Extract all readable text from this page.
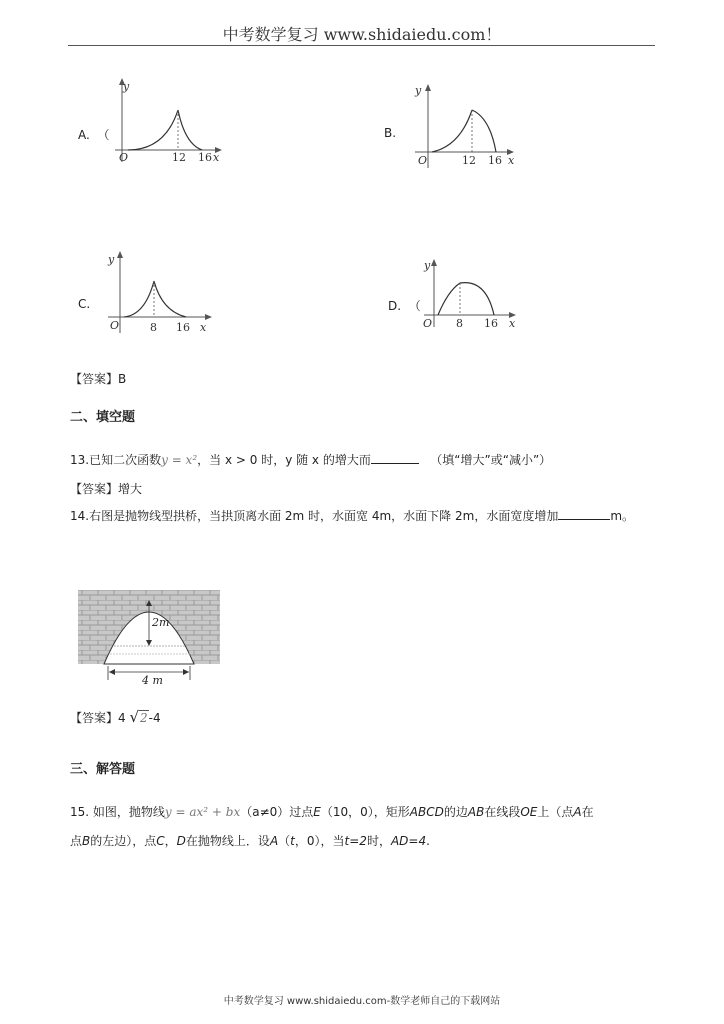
中考数学复习 www.shidaiedu.com！
A. （
y
O	12 16 x
B.
y
O	12 16 x
C.
y
O	8 16 x
D. （
y
O 8 16 x
【答案】B
二、填空题
13.已知二次函数y = x²，当 x > 0 时，y 随 x 的增大而	（填“增大”或“减小”）
【答案】增大
14.右图是抛物线型拱桥，当拱顶离水面 2m 时，水面宽 4m，水面下降 2m，水面宽度增加	m。
2m
4 m
【答案】4 √2-4
三、解答题
15. 如图，抛物线y = ax² + bx（a≠0）过点E（10，0），矩形ABCD的边AB在线段OE上（点A在
点B的左边），点C，D在抛物线上．设A（t，0），当t=2时，AD=4.
中考数学复习 www.shidaiedu.com-数学老师自己的下载网站
